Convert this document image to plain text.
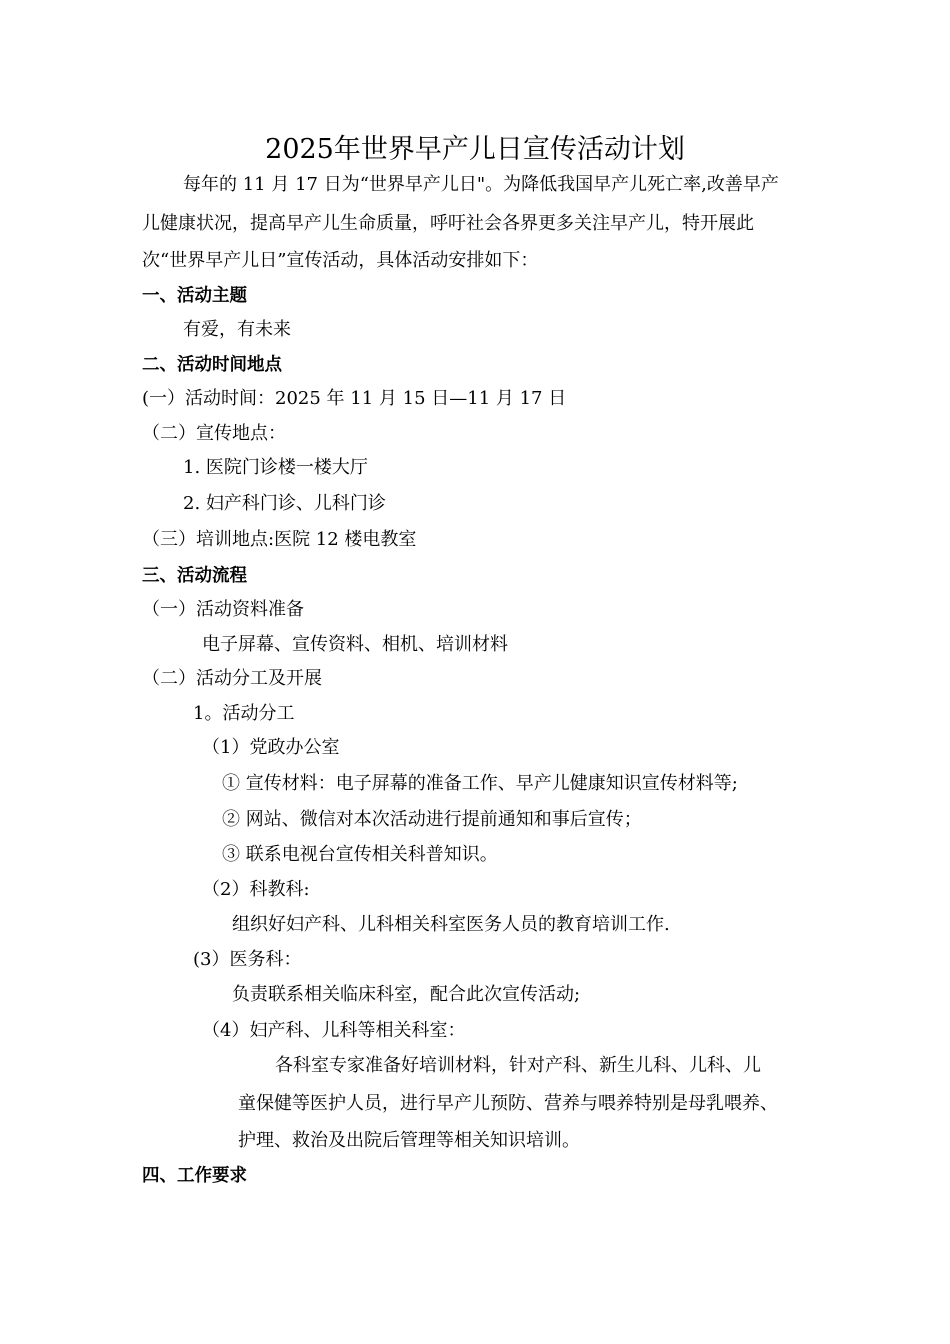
2025年世界早产儿日宣传活动计划
每年的 11 月 17 日为“世界早产儿日"。为降低我国早产儿死亡率,改善早产
儿健康状况，提高早产儿生命质量，呼吁社会各界更多关注早产儿，特开展此
次“世界早产儿日”宣传活动，具体活动安排如下：
一、活动主题
有爱，有未来
二、活动时间地点
(一）活动时间：2025 年 11 月 15 日—11 月 17 日
（二）宣传地点：
1. 医院门诊楼一楼大厅
2. 妇产科门诊、儿科门诊
（三）培训地点:医院 12 楼电教室
三、活动流程
（一）活动资料准备
电子屏幕、宣传资料、相机、培训材料
（二）活动分工及开展
1。活动分工
（1）党政办公室
① 宣传材料：电子屏幕的准备工作、早产儿健康知识宣传材料等;
② 网站、微信对本次活动进行提前通知和事后宣传；
③ 联系电视台宣传相关科普知识。
（2）科教科:
组织好妇产科、儿科相关科室医务人员的教育培训工作.
(3）医务科：
负责联系相关临床科室，配合此次宣传活动;
（4）妇产科、儿科等相关科室：
各科室专家准备好培训材料，针对产科、新生儿科、儿科、儿
童保健等医护人员，进行早产儿预防、营养与喂养特别是母乳喂养、
护理、救治及出院后管理等相关知识培训。
四、工作要求
